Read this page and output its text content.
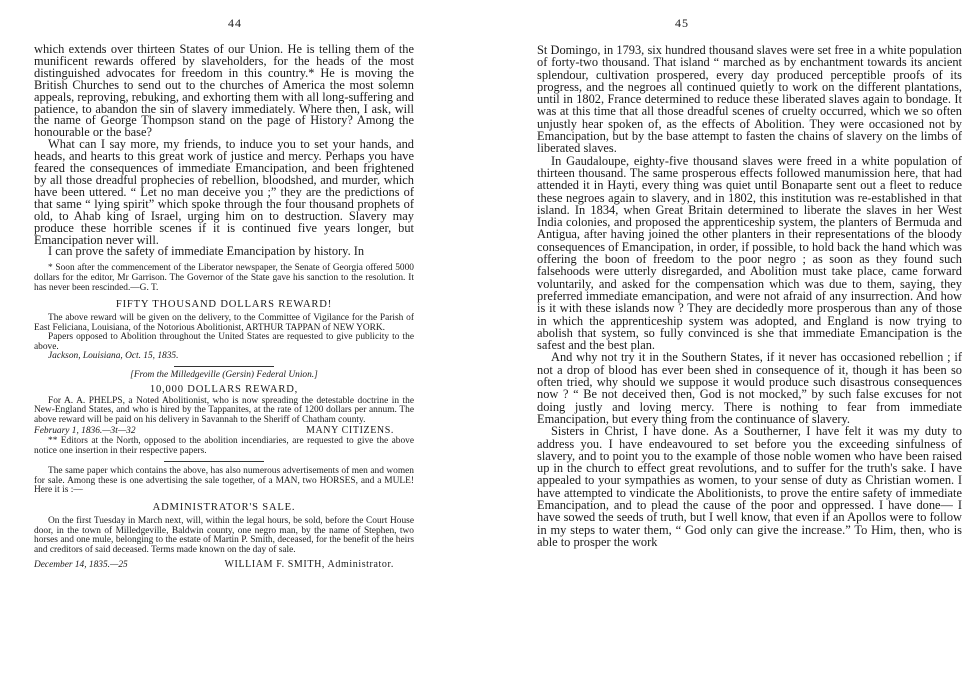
44

which extends over thirteen States of our Union. He is telling them of the munificent rewards offered by slaveholders, for the heads of the most distinguished advocates for freedom in this country.* He is moving the British Churches to send out to the churches of America the most solemn appeals, reproving, rebuking, and exhorting them with all long-suffering and patience, to abandon the sin of slavery immediately. Where then, I ask, will the name of George Thompson stand on the page of History? Among the honourable or the base?

What can I say more, my friends, to induce you to set your hands, and heads, and hearts to this great work of justice and mercy. Perhaps you have feared the consequences of immediate Emancipation, and been frightened by all those dreadful prophecies of rebellion, bloodshed, and murder, which have been uttered. “ Let no man deceive you ;” they are the predictions of that same “ lying spirit” which spoke through the four thousand prophets of old, to Ahab king of Israel, urging him on to destruction. Slavery may produce these horrible scenes if it is continued five years longer, but Emancipation never will.

I can prove the safety of immediate Emancipation by history. In

* Soon after the commencement of the Liberator newspaper, the Senate of Georgia offered 5000 dollars for the editor, Mr Garrison. The Governor of the State gave his sanction to the resolution. It has never been rescinded.—G. T.

FIFTY THOUSAND DOLLARS REWARD!

The above reward will be given on the delivery, to the Committee of Vigilance for the Parish of East Feliciana, Louisiana, of the Notorious Abolitionist, ARTHUR TAPPAN of NEW YORK.

Papers opposed to Abolition throughout the United States are requested to give publicity to the above.

Jackson, Louisiana, Oct. 15, 1835.

[From the Milledgeville (Gersin) Federal Union.]

10,000 DOLLARS REWARD,

For A. A. PHELPS, a Noted Abolitionist, who is now spreading the detestable doctrine in the New-England States, and who is hired by the Tappanites, at the rate of 1200 dollars per annum. The above reward will be paid on his delivery in Savannah to the Sheriff of Chatham county.

February 1, 1836.—3t—32	MANY CITIZENS.

** Editors at the North, opposed to the abolition incendiaries, are requested to give the above notice one insertion in their respective papers.

The same paper which contains the above, has also numerous advertisements of men and women for sale. Among these is one advertising the sale together, of a MAN, two HORSES, and a MULE! Here it is :—

ADMINISTRATOR'S SALE.

On the first Tuesday in March next, will, within the legal hours, be sold, before the Court House door, in the town of Milledgeville, Baldwin county, one negro man, by the name of Stephen, two horses and one mule, belonging to the estate of Martin P. Smith, deceased, for the benefit of the heirs and creditors of said deceased. Terms made known on the day of sale.

December 14, 1835.—25	WILLIAM F. SMITH, Administrator.
45

St Domingo, in 1793, six hundred thousand slaves were set free in a white population of forty-two thousand. That island “ marched as by enchantment towards its ancient splendour, cultivation prospered, every day produced perceptible proofs of its progress, and the negroes all continued quietly to work on the different plantations, until in 1802, France determined to reduce these liberated slaves again to bondage. It was at this time that all those dreadful scenes of cruelty occurred, which we so often unjustly hear spoken of, as the effects of Abolition. They were occasioned not by Emancipation, but by the base attempt to fasten the chains of slavery on the limbs of liberated slaves.

In Gaudaloupe, eighty-five thousand slaves were freed in a white population of thirteen thousand. The same prosperous effects followed manumission here, that had attended it in Hayti, every thing was quiet until Bonaparte sent out a fleet to reduce these negroes again to slavery, and in 1802, this institution was re-established in that island. In 1834, when Great Britain determined to liberate the slaves in her West India colonies, and proposed the apprenticeship system, the planters of Bermuda and Antigua, after having joined the other planters in their representations of the bloody consequences of Emancipation, in order, if possible, to hold back the hand which was offering the boon of freedom to the poor negro ; as soon as they found such falsehoods were utterly disregarded, and Abolition must take place, came forward voluntarily, and asked for the compensation which was due to them, saying, they preferred immediate emancipation, and were not afraid of any insurrection. And how is it with these islands now ? They are decidedly more prosperous than any of those in which the apprenticeship system was adopted, and England is now trying to abolish that system, so fully convinced is she that immediate Emancipation is the safest and the best plan.

And why not try it in the Southern States, if it never has occasioned rebellion ; if not a drop of blood has ever been shed in consequence of it, though it has been so often tried, why should we suppose it would produce such disastrous consequences now ? “ Be not deceived then, God is not mocked,” by such false excuses for not doing justly and loving mercy. There is nothing to fear from immediate Emancipation, but every thing from the continuance of slavery.

Sisters in Christ, I have done. As a Southerner, I have felt it was my duty to address you. I have endeavoured to set before you the exceeding sinfulness of slavery, and to point you to the example of those noble women who have been raised up in the church to effect great revolutions, and to suffer for the truth's sake. I have appealed to your sympathies as women, to your sense of duty as Christian women. I have attempted to vindicate the Abolitionists, to prove the entire safety of immediate Emancipation, and to plead the cause of the poor and oppressed. I have done— I have sowed the seeds of truth, but I well know, that even if an Apollos were to follow in my steps to water them, “ God only can give the increase.” To Him, then, who is able to prosper the work
